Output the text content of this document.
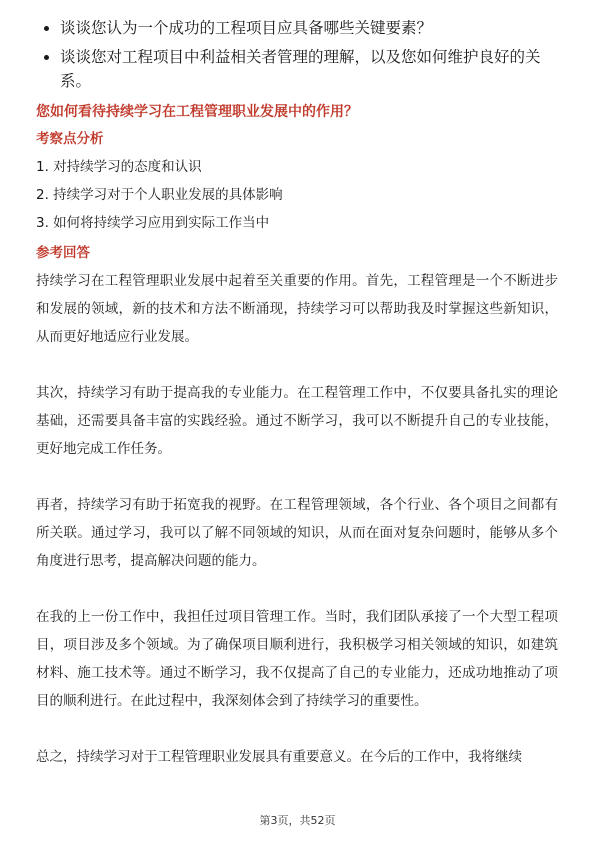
谈谈您认为一个成功的工程项目应具备哪些关键要素？
谈谈您对工程项目中利益相关者管理的理解，以及您如何维护良好的关系。
您如何看待持续学习在工程管理职业发展中的作用？
考察点分析
1. 对持续学习的态度和认识
2. 持续学习对于个人职业发展的具体影响
3. 如何将持续学习应用到实际工作当中
参考回答

持续学习在工程管理职业发展中起着至关重要的作用。首先，工程管理是一个不断进步和发展的领域，新的技术和方法不断涌现，持续学习可以帮助我及时掌握这些新知识，从而更好地适应行业发展。

其次，持续学习有助于提高我的专业能力。在工程管理工作中，不仅要具备扎实的理论基础，还需要具备丰富的实践经验。通过不断学习，我可以不断提升自己的专业技能，更好地完成工作任务。

再者，持续学习有助于拓宽我的视野。在工程管理领域，各个行业、各个项目之间都有所关联。通过学习，我可以了解不同领域的知识，从而在面对复杂问题时，能够从多个角度进行思考，提高解决问题的能力。

在我的上一份工作中，我担任过项目管理工作。当时，我们团队承接了一个大型工程项目，项目涉及多个领域。为了确保项目顺利进行，我积极学习相关领域的知识，如建筑材料、施工技术等。通过不断学习，我不仅提高了自己的专业能力，还成功地推动了项目的顺利进行。在此过程中，我深刻体会到了持续学习的重要性。

总之，持续学习对于工程管理职业发展具有重要意义。在今后的工作中，我将继续

第3页，共52页
